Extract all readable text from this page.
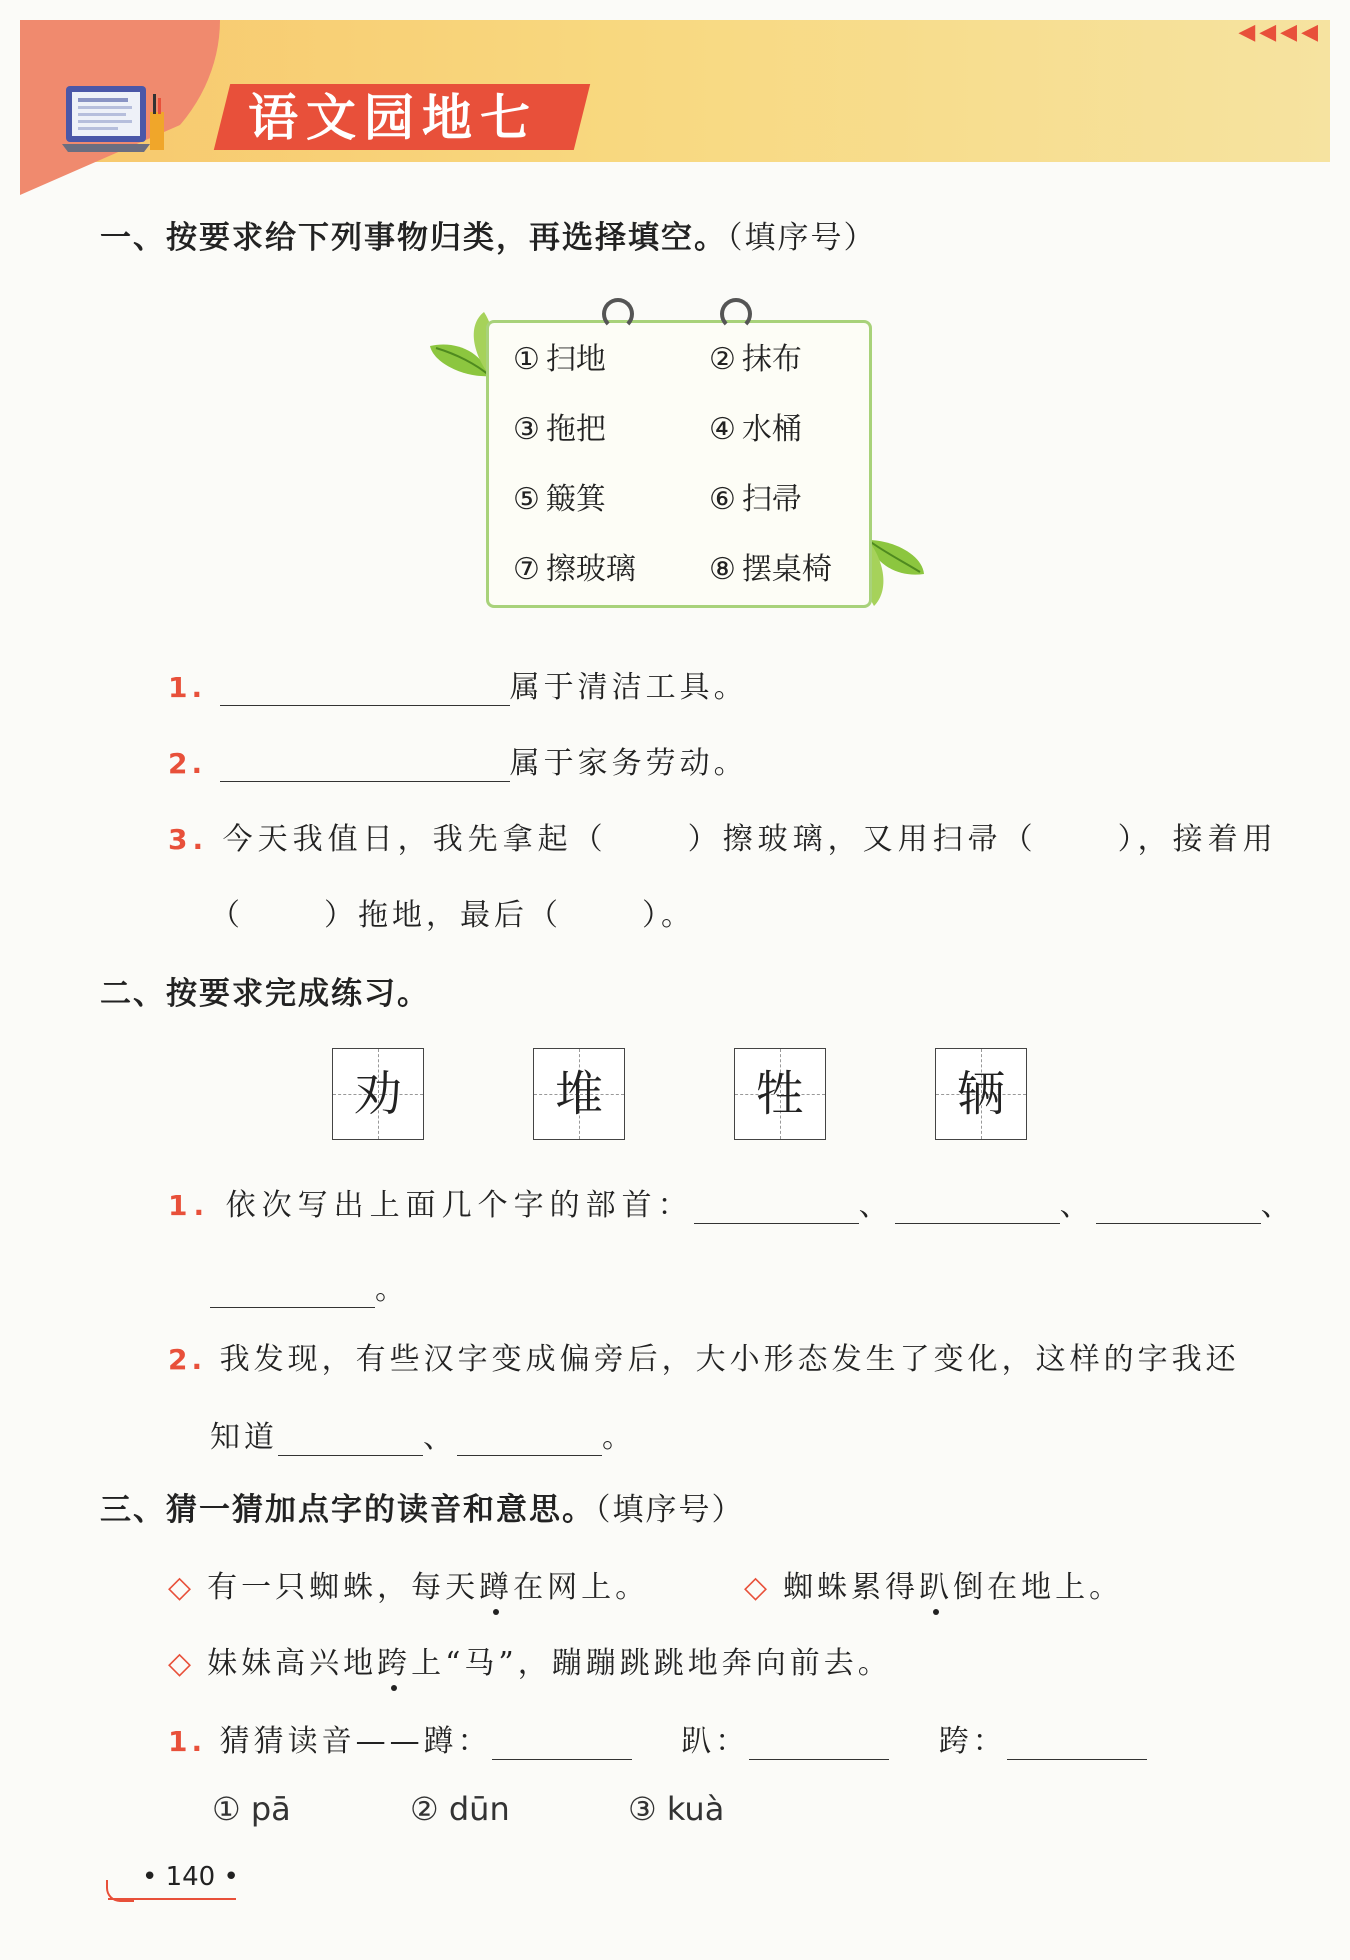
◀◀◀◀
语文园地七
一、按要求给下列事物归类，再选择填空。（填序号）
① 扫地	② 抹布
③ 拖把	④ 水桶
⑤ 簸箕	⑥ 扫帚
⑦ 擦玻璃	⑧ 摆桌椅
1.	属于清洁工具。
2.	属于家务劳动。
3. 今天我值日，我先拿起（	）擦玻璃，又用扫帚（	），接着用
（	）拖地，最后（	）。
二、按要求完成练习。
劝	堆	牲	辆
1. 依次写出上面几个字的部首：	、	、	、
。
2. 我发现，有些汉字变成偏旁后，大小形态发生了变化，这样的字我还
知道	、	。
三、猜一猜加点字的读音和意思。（填序号）
◇ 有一只蜘蛛，每天蹲在网上。	◇ 蜘蛛累得趴倒在地上。
◇ 妹妹高兴地跨上“马”，蹦蹦跳跳地奔向前去。
1. 猜猜读音——蹲：	趴：	跨：
① pā	② dūn	③ kuà
• 140 •
